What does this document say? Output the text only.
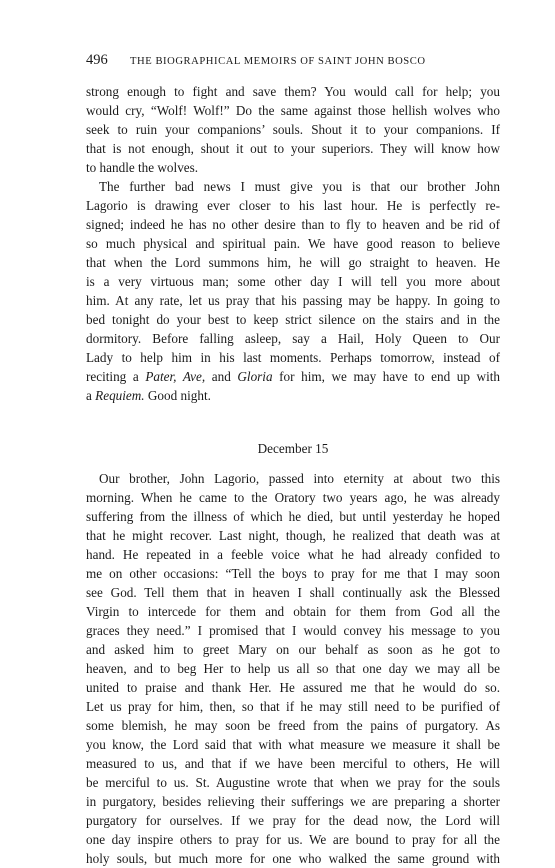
496	THE BIOGRAPHICAL MEMOIRS OF SAINT JOHN BOSCO
strong enough to fight and save them? You would call for help; you
would cry, “Wolf! Wolf!” Do the same against those hellish wolves who
seek to ruin your companions’ souls. Shout it to your companions. If
that is not enough, shout it out to your superiors. They will know how
to handle the wolves.
The further bad news I must give you is that our brother John
Lagorio is drawing ever closer to his last hour. He is perfectly re-
signed; indeed he has no other desire than to fly to heaven and be rid of
so much physical and spiritual pain. We have good reason to believe
that when the Lord summons him, he will go straight to heaven. He
is a very virtuous man; some other day I will tell you more about
him. At any rate, let us pray that his passing may be happy. In going to
bed tonight do your best to keep strict silence on the stairs and in the
dormitory. Before falling asleep, say a Hail, Holy Queen to Our
Lady to help him in his last moments. Perhaps tomorrow, instead of
reciting a Pater, Ave, and Gloria for him, we may have to end up with
a Requiem. Good night.
December 15
Our brother, John Lagorio, passed into eternity at about two this
morning. When he came to the Oratory two years ago, he was already
suffering from the illness of which he died, but until yesterday he hoped
that he might recover. Last night, though, he realized that death was at
hand. He repeated in a feeble voice what he had already confided to
me on other occasions: “Tell the boys to pray for me that I may soon
see God. Tell them that in heaven I shall continually ask the Blessed
Virgin to intercede for them and obtain for them from God all the
graces they need.” I promised that I would convey his message to you
and asked him to greet Mary on our behalf as soon as he got to
heaven, and to beg Her to help us all so that one day we may all be
united to praise and thank Her. He assured me that he would do so.
Let us pray for him, then, so that if he may still need to be purified of
some blemish, he may soon be freed from the pains of purgatory. As
you know, the Lord said that with what measure we measure it shall be
measured to us, and that if we have been merciful to others, He will
be merciful to us. St. Augustine wrote that when we pray for the souls
in purgatory, besides relieving their sufferings we are preparing a shorter
purgatory for ourselves. If we pray for the dead now, the Lord will
one day inspire others to pray for us. We are bound to pray for all the
holy souls, but much more for one who walked the same ground with
